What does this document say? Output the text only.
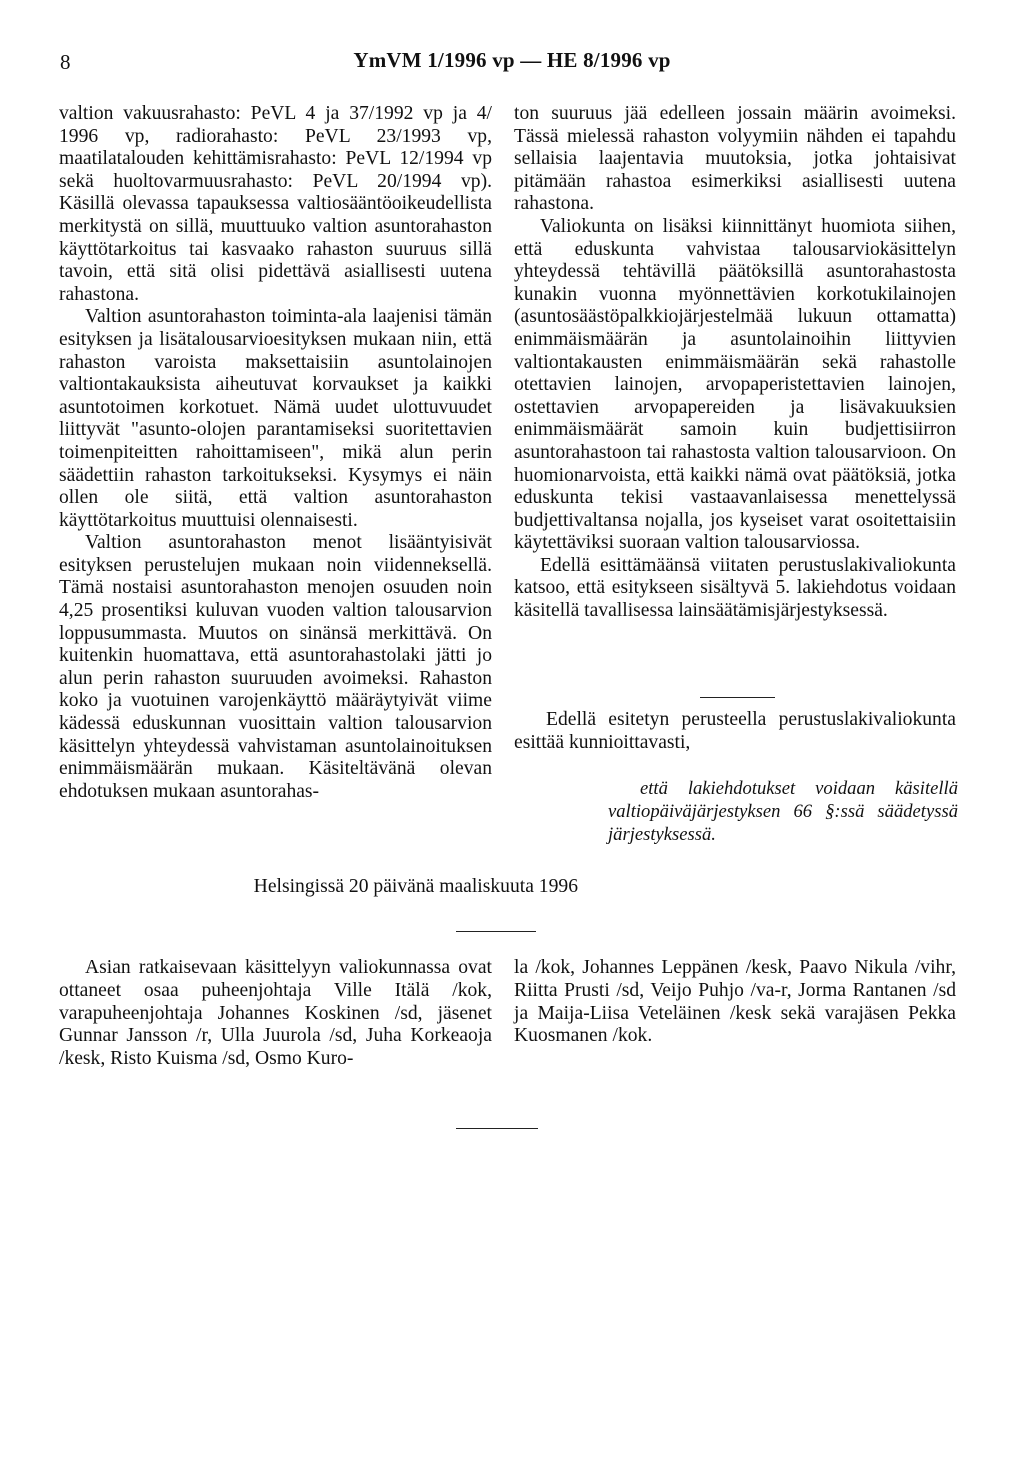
8	YmVM 1/1996 vp — HE 8/1996 vp

valtion vakuusrahasto: PeVL 4 ja 37/1992 vp ja 4/ 1996 vp, radiorahasto: PeVL 23/1993 vp, maatilatalouden kehittämisrahasto: PeVL 12/1994 vp sekä huoltovarmuusrahasto: PeVL 20/1994 vp). Käsillä olevassa tapauksessa valtiosääntöoikeudellista merkitystä on sillä, muuttuuko valtion asuntorahaston käyttötarkoitus tai kasvaako rahaston suuruus sillä tavoin, että sitä olisi pidettävä asiallisesti uutena rahastona.

Valtion asuntorahaston toiminta-ala laajenisi tämän esityksen ja lisätalousarvioesityksen mukaan niin, että rahaston varoista maksettaisiin asuntolainojen valtiontakauksista aiheutuvat korvaukset ja kaikki asuntotoimen korkotuet. Nämä uudet ulottuvuudet liittyvät "asunto-olojen parantamiseksi suoritettavien toimenpiteitten rahoittamiseen", mikä alun perin säädettiin rahaston tarkoitukseksi. Kysymys ei näin ollen ole siitä, että valtion asuntorahaston käyttötarkoitus muuttuisi olennaisesti.

Valtion asuntorahaston menot lisääntyisivät esityksen perustelujen mukaan noin viidenneksellä. Tämä nostaisi asuntorahaston menojen osuuden noin 4,25 prosentiksi kuluvan vuoden valtion talousarvion loppusummasta. Muutos on sinänsä merkittävä. On kuitenkin huomattava, että asuntorahastolaki jätti jo alun perin rahaston suuruuden avoimeksi. Rahaston koko ja vuotuinen varojenkäyttö määräytyivät viime kädessä eduskunnan vuosittain valtion talousarvion käsittelyn yhteydessä vahvistaman asuntolainoituksen enimmäismäärän mukaan. Käsiteltävänä olevan ehdotuksen mukaan asuntorahas-

ton suuruus jää edelleen jossain määrin avoimeksi. Tässä mielessä rahaston volyymiin nähden ei tapahdu sellaisia laajentavia muutoksia, jotka johtaisivat pitämään rahastoa esimerkiksi asiallisesti uutena rahastona.

Valiokunta on lisäksi kiinnittänyt huomiota siihen, että eduskunta vahvistaa talousarviokäsittelyn yhteydessä tehtävillä päätöksillä asuntorahastosta kunakin vuonna myönnettävien korkotukilainojen (asuntosäästöpalkkiojärjestelmää lukuun ottamatta) enimmäismäärän ja asuntolainoihin liittyvien valtiontakausten enimmäismäärän sekä rahastolle otettavien lainojen, arvopaperistettavien lainojen, ostettavien arvopapereiden ja lisävakuuksien enimmäismäärät samoin kuin budjettisiirron asuntorahastoon tai rahastosta valtion talousarvioon. On huomionarvoista, että kaikki nämä ovat päätöksiä, jotka eduskunta tekisi vastaavanlaisessa menettelyssä budjettivaltansa nojalla, jos kyseiset varat osoitettaisiin käytettäviksi suoraan valtion talousarviossa.

Edellä esittämäänsä viitaten perustuslakivaliokunta katsoo, että esitykseen sisältyvä 5. lakiehdotus voidaan käsitellä tavallisessa lainsäätämisjärjestyksessä.

Edellä esitetyn perusteella perustuslakivaliokunta esittää kunnioittavasti,

että lakiehdotukset voidaan käsitellä valtiopäiväjärjestyksen 66 §:ssä säädetyssä järjestyksessä.

Helsingissä 20 päivänä maaliskuuta 1996

Asian ratkaisevaan käsittelyyn valiokunnassa ovat ottaneet osaa puheenjohtaja Ville Itälä /kok, varapuheenjohtaja Johannes Koskinen /sd, jäsenet Gunnar Jansson /r, Ulla Juurola /sd, Juha Korkeaoja /kesk, Risto Kuisma /sd, Osmo Kuro-

la /kok, Johannes Leppänen /kesk, Paavo Nikula /vihr, Riitta Prusti /sd, Veijo Puhjo /va-r, Jorma Rantanen /sd ja Maija-Liisa Veteläinen /kesk sekä varajäsen Pekka Kuosmanen /kok.
